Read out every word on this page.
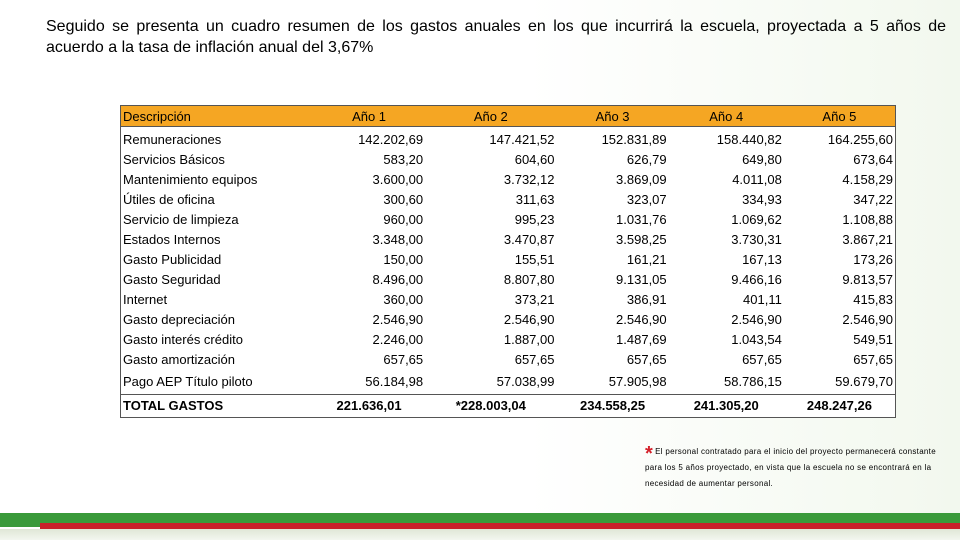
Seguido se presenta un cuadro resumen de los gastos anuales en los que incurrirá la escuela, proyectada a 5 años de acuerdo a la tasa de inflación anual del 3,67%
Descripción	Año 1	Año 2	Año 3	Año 4	Año 5
Remuneraciones	142.202,69	147.421,52	152.831,89	158.440,82	164.255,60
Servicios Básicos	583,20	604,60	626,79	649,80	673,64
Mantenimiento equipos	3.600,00	3.732,12	3.869,09	4.011,08	4.158,29
Útiles de oficina	300,60	311,63	323,07	334,93	347,22
Servicio de limpieza	960,00	995,23	1.031,76	1.069,62	1.108,88
Estados Internos	3.348,00	3.470,87	3.598,25	3.730,31	3.867,21
Gasto Publicidad	150,00	155,51	161,21	167,13	173,26
Gasto Seguridad	8.496,00	8.807,80	9.131,05	9.466,16	9.813,57
Internet	360,00	373,21	386,91	401,11	415,83
Gasto depreciación	2.546,90	2.546,90	2.546,90	2.546,90	2.546,90
Gasto interés crédito	2.246,00	1.887,00	1.487,69	1.043,54	549,51
Gasto amortización	657,65	657,65	657,65	657,65	657,65
Pago AEP Título piloto	56.184,98	57.038,99	57.905,98	58.786,15	59.679,70
TOTAL GASTOS	221.636,01	*228.003,04	234.558,25	241.305,20	248.247,26
* El personal contratado para el inicio del proyecto permanecerá constante para los 5 años proyectado, en vista que la escuela no se encontrará en la necesidad de aumentar personal.
